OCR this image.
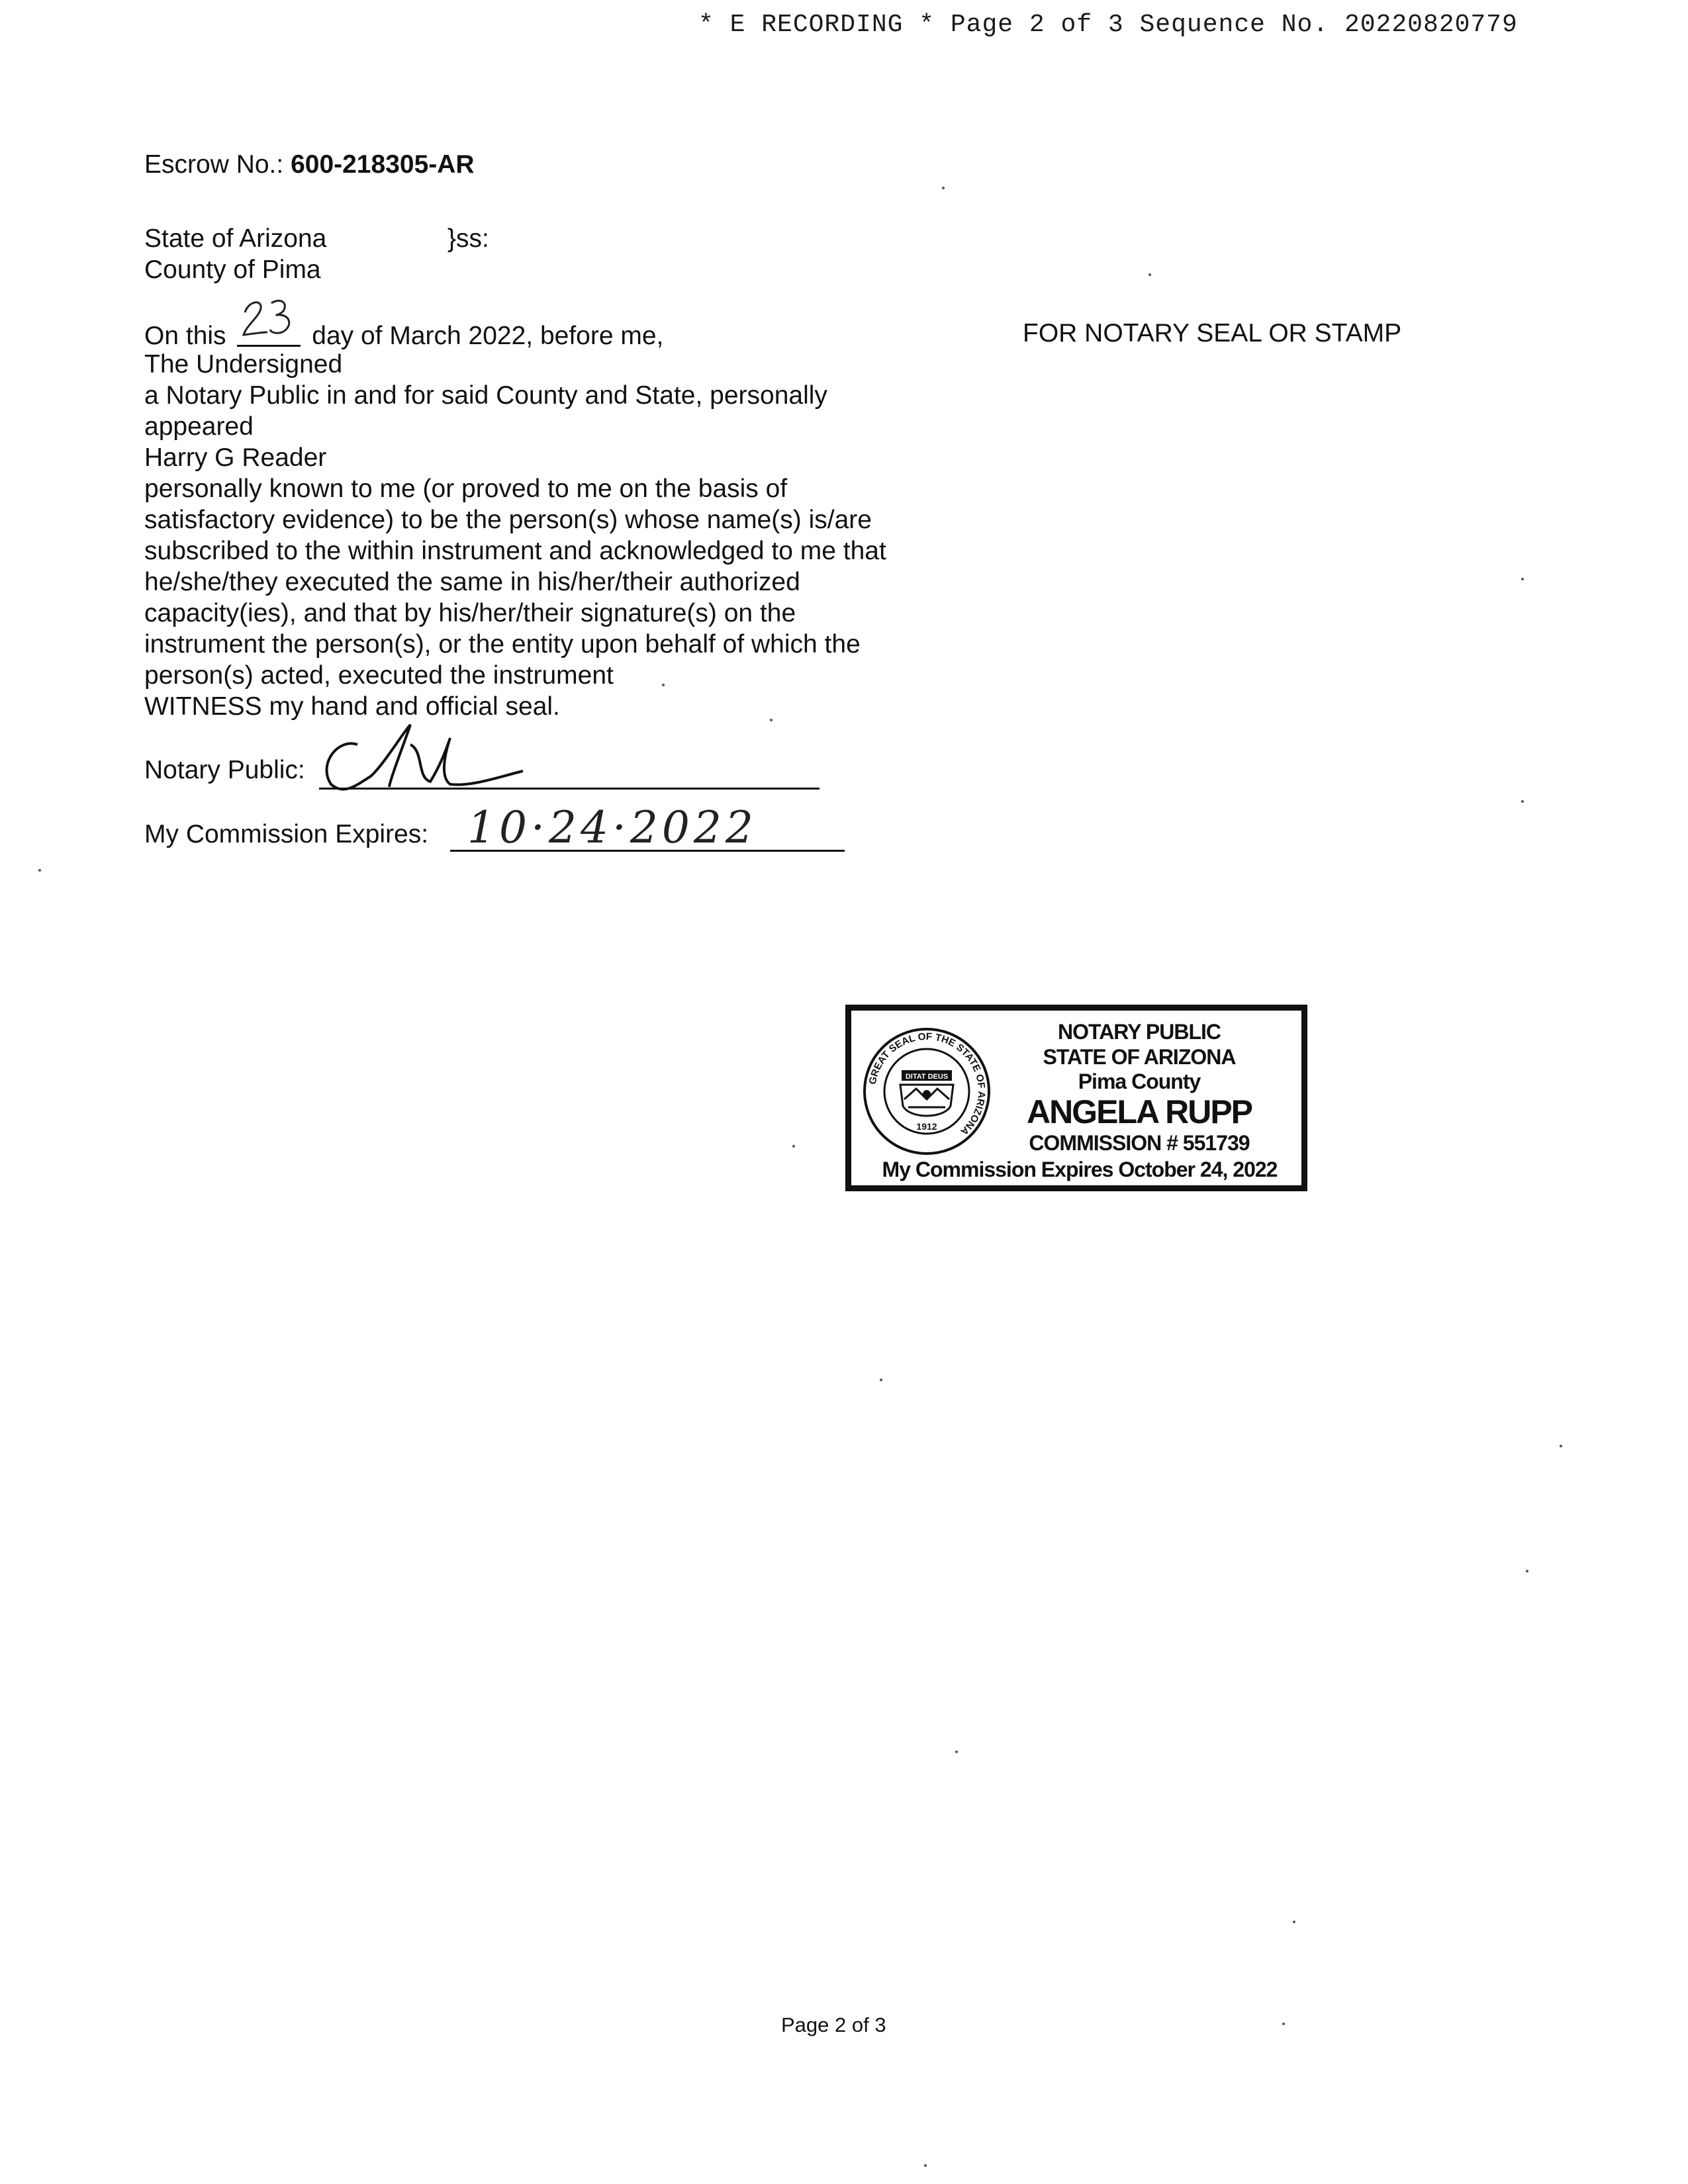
* E RECORDING * Page 2 of 3 Sequence No. 20220820779
Escrow No.: 600-218305-AR
State of Arizona	}ss:
County of Pima
On this	day of March 2022, before me,
The Undersigned
a Notary Public in and for said County and State, personally
appeared
Harry G Reader
personally known to me (or proved to me on the basis of
satisfactory evidence) to be the person(s) whose name(s) is/are
subscribed to the within instrument and acknowledged to me that
he/she/they executed the same in his/her/their authorized
capacity(ies), and that by his/her/their signature(s) on the
instrument the person(s), or the entity upon behalf of which the
person(s) acted, executed the instrument
WITNESS my hand and official seal.
FOR NOTARY SEAL OR STAMP
Notary Public:
My Commission Expires: 10·24·2022
GREAT SEAL OF THE STATE OF ARIZONA
DITAT DEUS
1912
NOTARY PUBLIC
STATE OF ARIZONA
Pima County
ANGELA RUPP
COMMISSION # 551739
My Commission Expires October 24, 2022
Page 2 of 3
